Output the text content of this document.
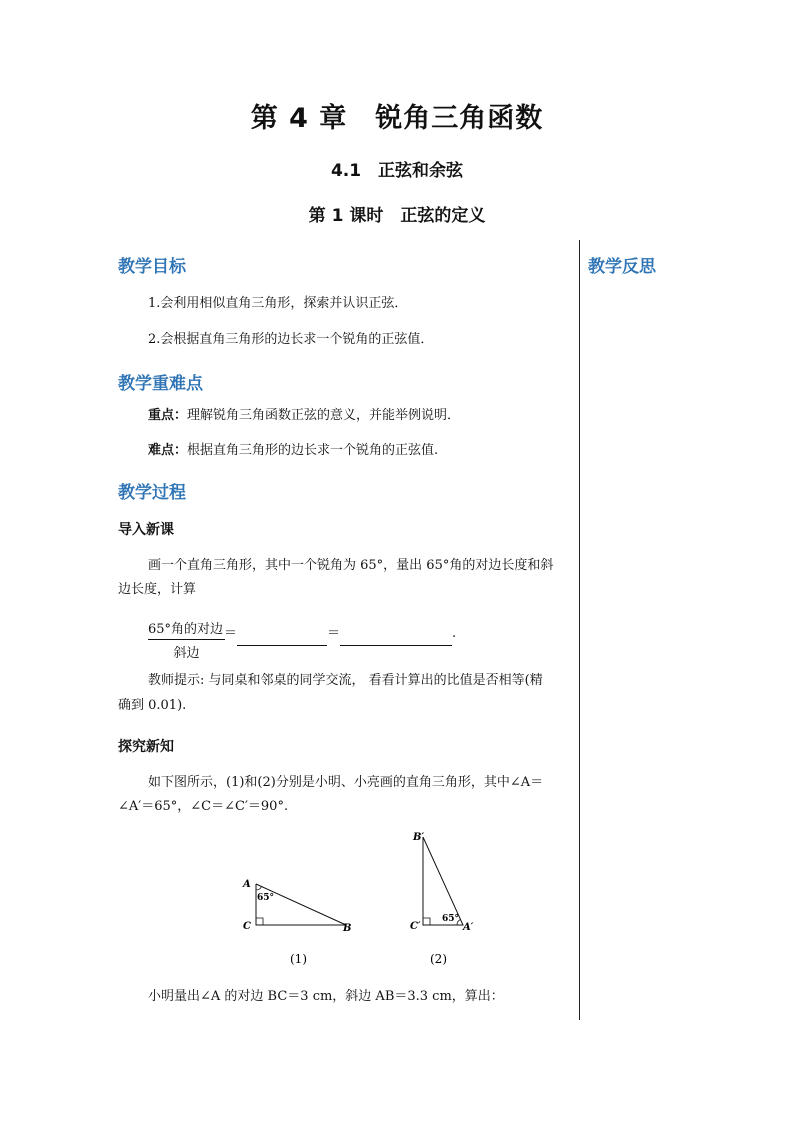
第 4 章　锐角三角函数
4.1　正弦和余弦
第 1 课时　正弦的定义
教学反思
教学目标
1.会利用相似直角三角形，探索并认识正弦．
2.会根据直角三角形的边长求一个锐角的正弦值．
教学重难点
重点：理解锐角三角函数正弦的意义，并能举例说明．
难点：根据直角三角形的边长求一个锐角的正弦值.
教学过程
导入新课
画一个直角三角形，其中一个锐角为 65°，量出 65°角的对边长度和斜
边长度，计算
65°角的对边
斜边
＝	＝	.
教师提示: 与同桌和邻桌的同学交流， 看看计算出的比值是否相等(精
确到 0.01).
探究新知
如下图所示，(1)和(2)分别是小明、小亮画的直角三角形，其中∠A＝
∠A′＝65°，∠C＝∠C′＝90°.
A
C	B
65°
(1)
B′
C′	A′
65°
(2)
小明量出∠A 的对边 BC＝3 cm，斜边 AB＝3.3 cm，算出：
